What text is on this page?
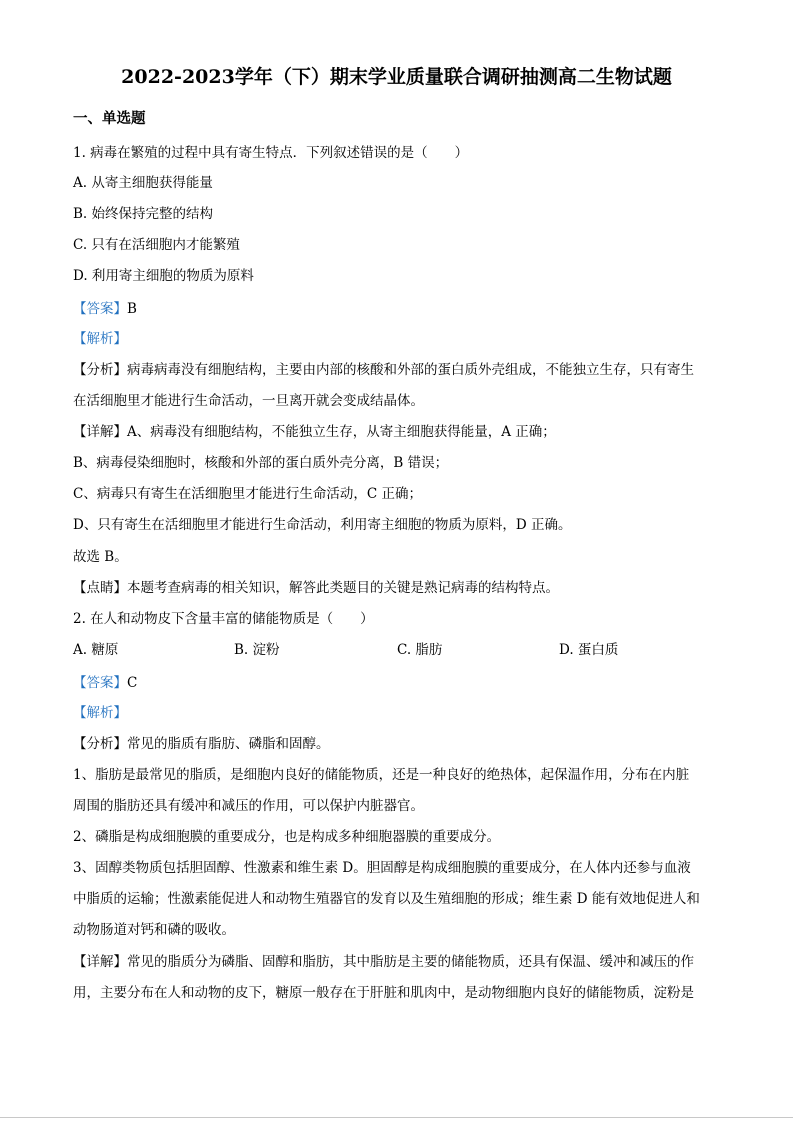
2022-2023学年（下）期末学业质量联合调研抽测高二生物试题
一、单选题
1. 病毒在繁殖的过程中具有寄生特点．下列叙述错误的是（　　）
A. 从寄主细胞获得能量
B. 始终保持完整的结构
C. 只有在活细胞内才能繁殖
D. 利用寄主细胞的物质为原料
【答案】B
【解析】
【分析】病毒病毒没有细胞结构，主要由内部的核酸和外部的蛋白质外壳组成，不能独立生存，只有寄生
在活细胞里才能进行生命活动，一旦离开就会变成结晶体。
【详解】A、病毒没有细胞结构，不能独立生存，从寄主细胞获得能量，A 正确；
B、病毒侵染细胞时，核酸和外部的蛋白质外壳分离，B 错误；
C、病毒只有寄生在活细胞里才能进行生命活动，C 正确；
D、只有寄生在活细胞里才能进行生命活动，利用寄主细胞的物质为原料，D 正确。
故选 B。
【点睛】本题考查病毒的相关知识，解答此类题目的关键是熟记病毒的结构特点。
2. 在人和动物皮下含量丰富的储能物质是（　　）
A. 糖原	B. 淀粉	C. 脂肪	D. 蛋白质
【答案】C
【解析】
【分析】常见的脂质有脂肪、磷脂和固醇。
1、脂肪是最常见的脂质，是细胞内良好的储能物质，还是一种良好的绝热体，起保温作用，分布在内脏
周围的脂肪还具有缓冲和减压的作用，可以保护内脏器官。
2、磷脂是构成细胞膜的重要成分，也是构成多种细胞器膜的重要成分。
3、固醇类物质包括胆固醇、性激素和维生素 D。胆固醇是构成细胞膜的重要成分，在人体内还参与血液
中脂质的运输；性激素能促进人和动物生殖器官的发育以及生殖细胞的形成；维生素 D 能有效地促进人和
动物肠道对钙和磷的吸收。
【详解】常见的脂质分为磷脂、固醇和脂肪，其中脂肪是主要的储能物质，还具有保温、缓冲和减压的作
用，主要分布在人和动物的皮下，糖原一般存在于肝脏和肌肉中，是动物细胞内良好的储能物质，淀粉是
